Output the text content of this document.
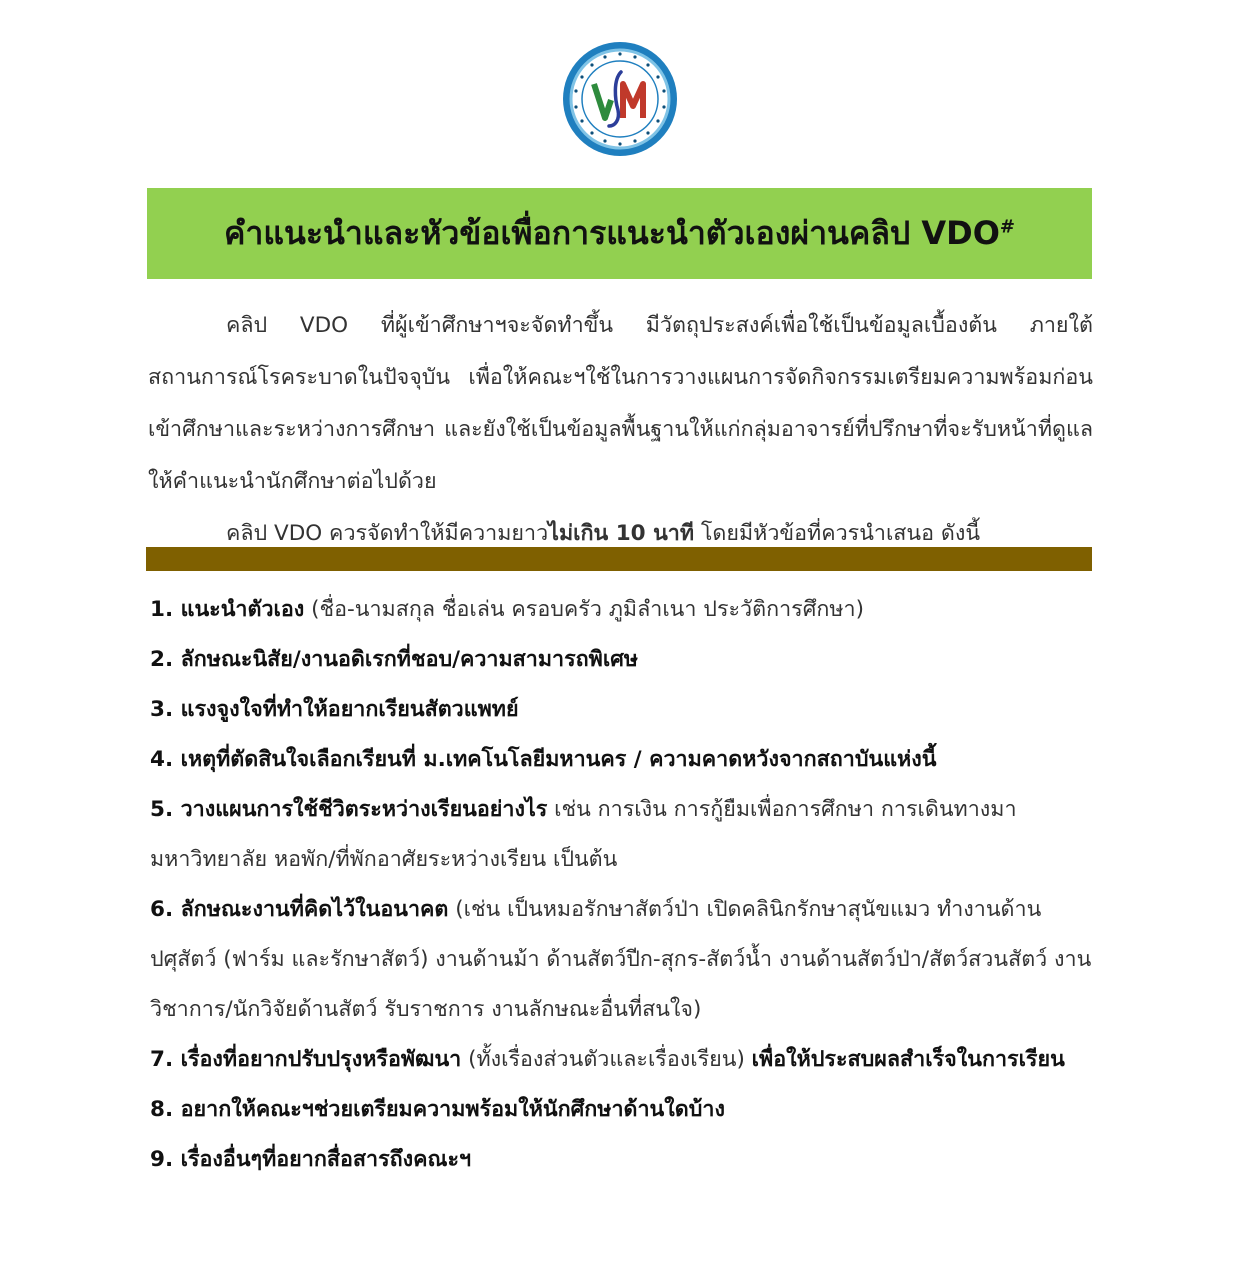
คำแนะนำและหัวข้อเพื่อการแนะนำตัวเองผ่านคลิป VDO#

คลิป VDO ที่ผู้เข้าศึกษาฯจะจัดทำขึ้น มีวัตถุประสงค์เพื่อใช้เป็นข้อมูลเบื้องต้น ภายใต้สถานการณ์โรคระบาดในปัจจุบัน เพื่อให้คณะฯใช้ในการวางแผนการจัดกิจกรรมเตรียมความพร้อมก่อนเข้าศึกษาและระหว่างการศึกษา และยังใช้เป็นข้อมูลพื้นฐานให้แก่กลุ่มอาจารย์ที่ปรึกษาที่จะรับหน้าที่ดูแลให้คำแนะนำนักศึกษาต่อไปด้วย

คลิป VDO ควรจัดทำให้มีความยาวไม่เกิน 10 นาที โดยมีหัวข้อที่ควรนำเสนอ ดังนี้

1. แนะนำตัวเอง (ชื่อ-นามสกุล ชื่อเล่น ครอบครัว ภูมิลำเนา ประวัติการศึกษา)

2. ลักษณะนิสัย/งานอดิเรกที่ชอบ/ความสามารถพิเศษ

3. แรงจูงใจที่ทำให้อยากเรียนสัตวแพทย์

4. เหตุที่ตัดสินใจเลือกเรียนที่ ม.เทคโนโลยีมหานคร / ความคาดหวังจากสถาบันแห่งนี้

5. วางแผนการใช้ชีวิตระหว่างเรียนอย่างไร เช่น การเงิน การกู้ยืมเพื่อการศึกษา การเดินทางมามหาวิทยาลัย หอพัก/ที่พักอาศัยระหว่างเรียน เป็นต้น

6. ลักษณะงานที่คิดไว้ในอนาคต (เช่น เป็นหมอรักษาสัตว์ป่า เปิดคลินิกรักษาสุนัขแมว ทำงานด้านปศุสัตว์ (ฟาร์ม และรักษาสัตว์) งานด้านม้า ด้านสัตว์ปีก-สุกร-สัตว์น้ำ งานด้านสัตว์ป่า/สัตว์สวนสัตว์ งานวิชาการ/นักวิจัยด้านสัตว์ รับราชการ งานลักษณะอื่นที่สนใจ)

7. เรื่องที่อยากปรับปรุงหรือพัฒนา (ทั้งเรื่องส่วนตัวและเรื่องเรียน) เพื่อให้ประสบผลสำเร็จในการเรียน

8. อยากให้คณะฯช่วยเตรียมความพร้อมให้นักศึกษาด้านใดบ้าง

9. เรื่องอื่นๆที่อยากสื่อสารถึงคณะฯ
